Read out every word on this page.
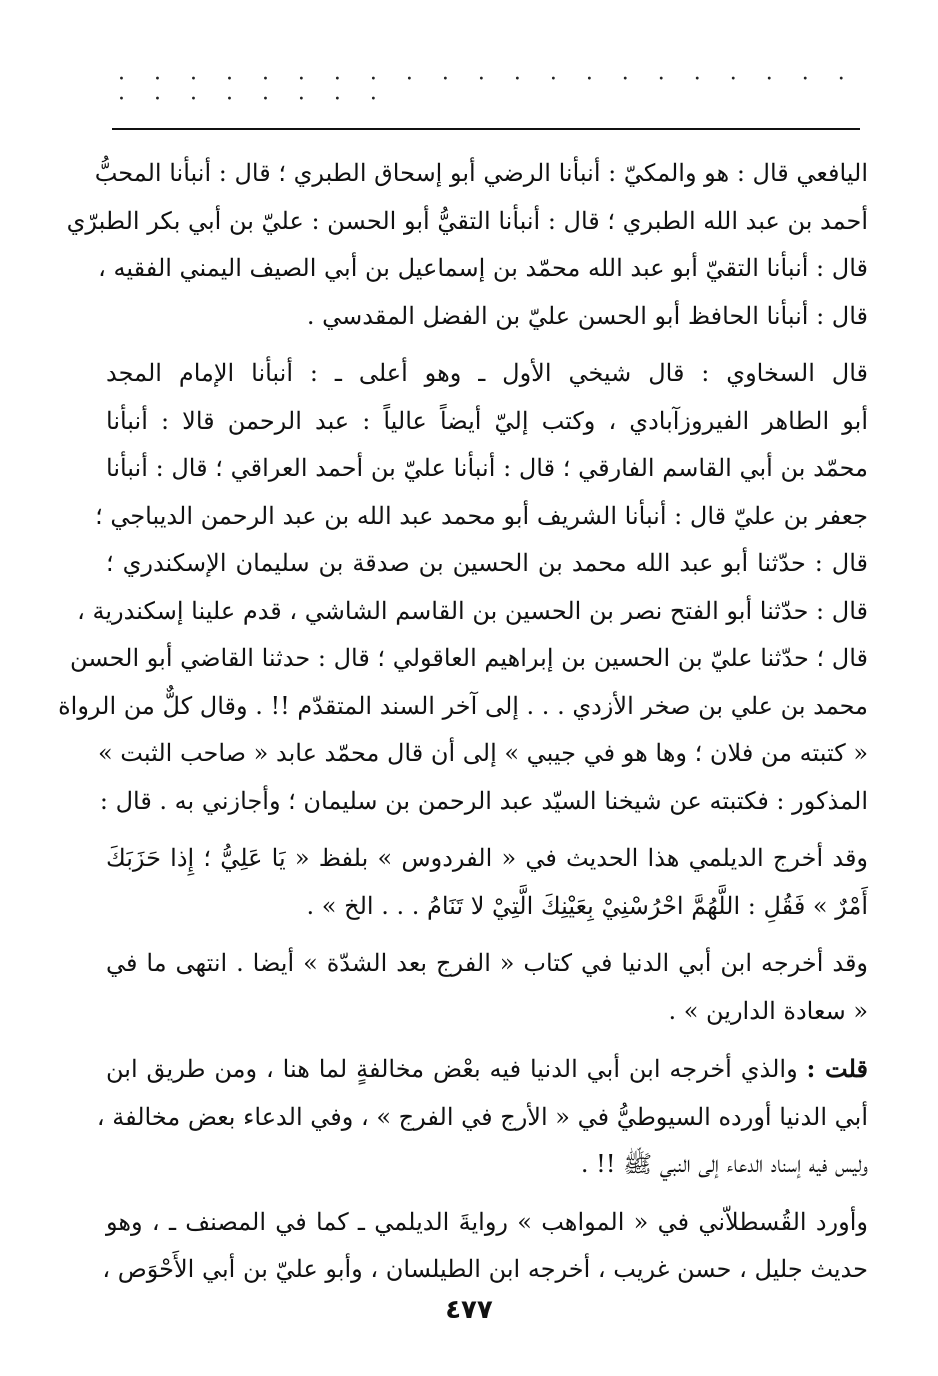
· · · · · · · · · · · · · · · · · · · · · · · · · · · · ·

اليافعي قال : هو والمكيّ : أنبأنا الرضي أبو إسحاق الطبري ؛ قال : أنبأنا المحبُّ
أحمد بن عبد الله الطبري ؛ قال : أنبأنا التقيُّ أبو الحسن : عليّ بن أبي بكر الطبرّي
قال : أنبأنا التقيّ أبو عبد الله محمّد بن إسماعيل بن أبي الصيف اليمني الفقيه ،
قال : أنبأنا الحافظ أبو الحسن عليّ بن الفضل المقدسي .

قال السخاوي : قال شيخي الأول ـ وهو أعلى ـ : أنبأنا الإمام المجد
أبو الطاهر الفيروزآبادي ، وكتب إليّ أيضاً عالياً : عبد الرحمن قالا : أنبأنا
محمّد بن أبي القاسم الفارقي ؛ قال : أنبأنا عليّ بن أحمد العراقي ؛ قال : أنبأنا
جعفر بن عليّ قال : أنبأنا الشريف أبو محمد عبد الله بن عبد الرحمن الديباجي ؛
قال : حدّثنا أبو عبد الله محمد بن الحسين بن صدقة بن سليمان الإسكندري ؛
قال : حدّثنا أبو الفتح نصر بن الحسين بن القاسم الشاشي ، قدم علينا إسكندرية ،
قال ؛ حدّثنا عليّ بن الحسين بن إبراهيم العاقولي ؛ قال : حدثنا القاضي أبو الحسن
محمد بن علي بن صخر الأزدي . . . إلى آخر السند المتقدّم !! . وقال كلٌّ من الرواة
« كتبته من فلان ؛ وها هو في جيبي » إلى أن قال محمّد عابد « صاحب الثبت »
المذكور : فكتبته عن شيخنا السيّد عبد الرحمن بن سليمان ؛ وأجازني به . قال :

وقد أخرج الديلمي هذا الحديث في « الفردوس » بلفظ « يَا عَلِيُّ ؛ إِذا حَزَبَكَ
أَمْرٌ » فَقُلِ : اللَّهُمَّ احْرُسْنِيْ بِعَيْنِكَ الَّتِيْ لا تَنَامُ . . . الخ » .

وقد أخرجه ابن أبي الدنيا في كتاب « الفرج بعد الشدّة » أيضا . انتهى ما في
« سعادة الدارين » .

قلت : والذي أخرجه ابن أبي الدنيا فيه بعْض مخالفةٍ لما هنا ، ومن طريق ابن
أبي الدنيا أورده السيوطيُّ في « الأرج في الفرج » ، وفي الدعاء بعض مخالفة ،
وليس فيه إسناد الدعاء إلى النبي ﷺ !! .

وأورد القُسطلاّني في « المواهب » روايةَ الديلمي ـ كما في المصنف ـ ، وهو
حديث جليل ، حسن غريب ، أخرجه ابن الطيلسان ، وأبو عليّ بن أبي الأَحْوَص ،

٤٧٧
